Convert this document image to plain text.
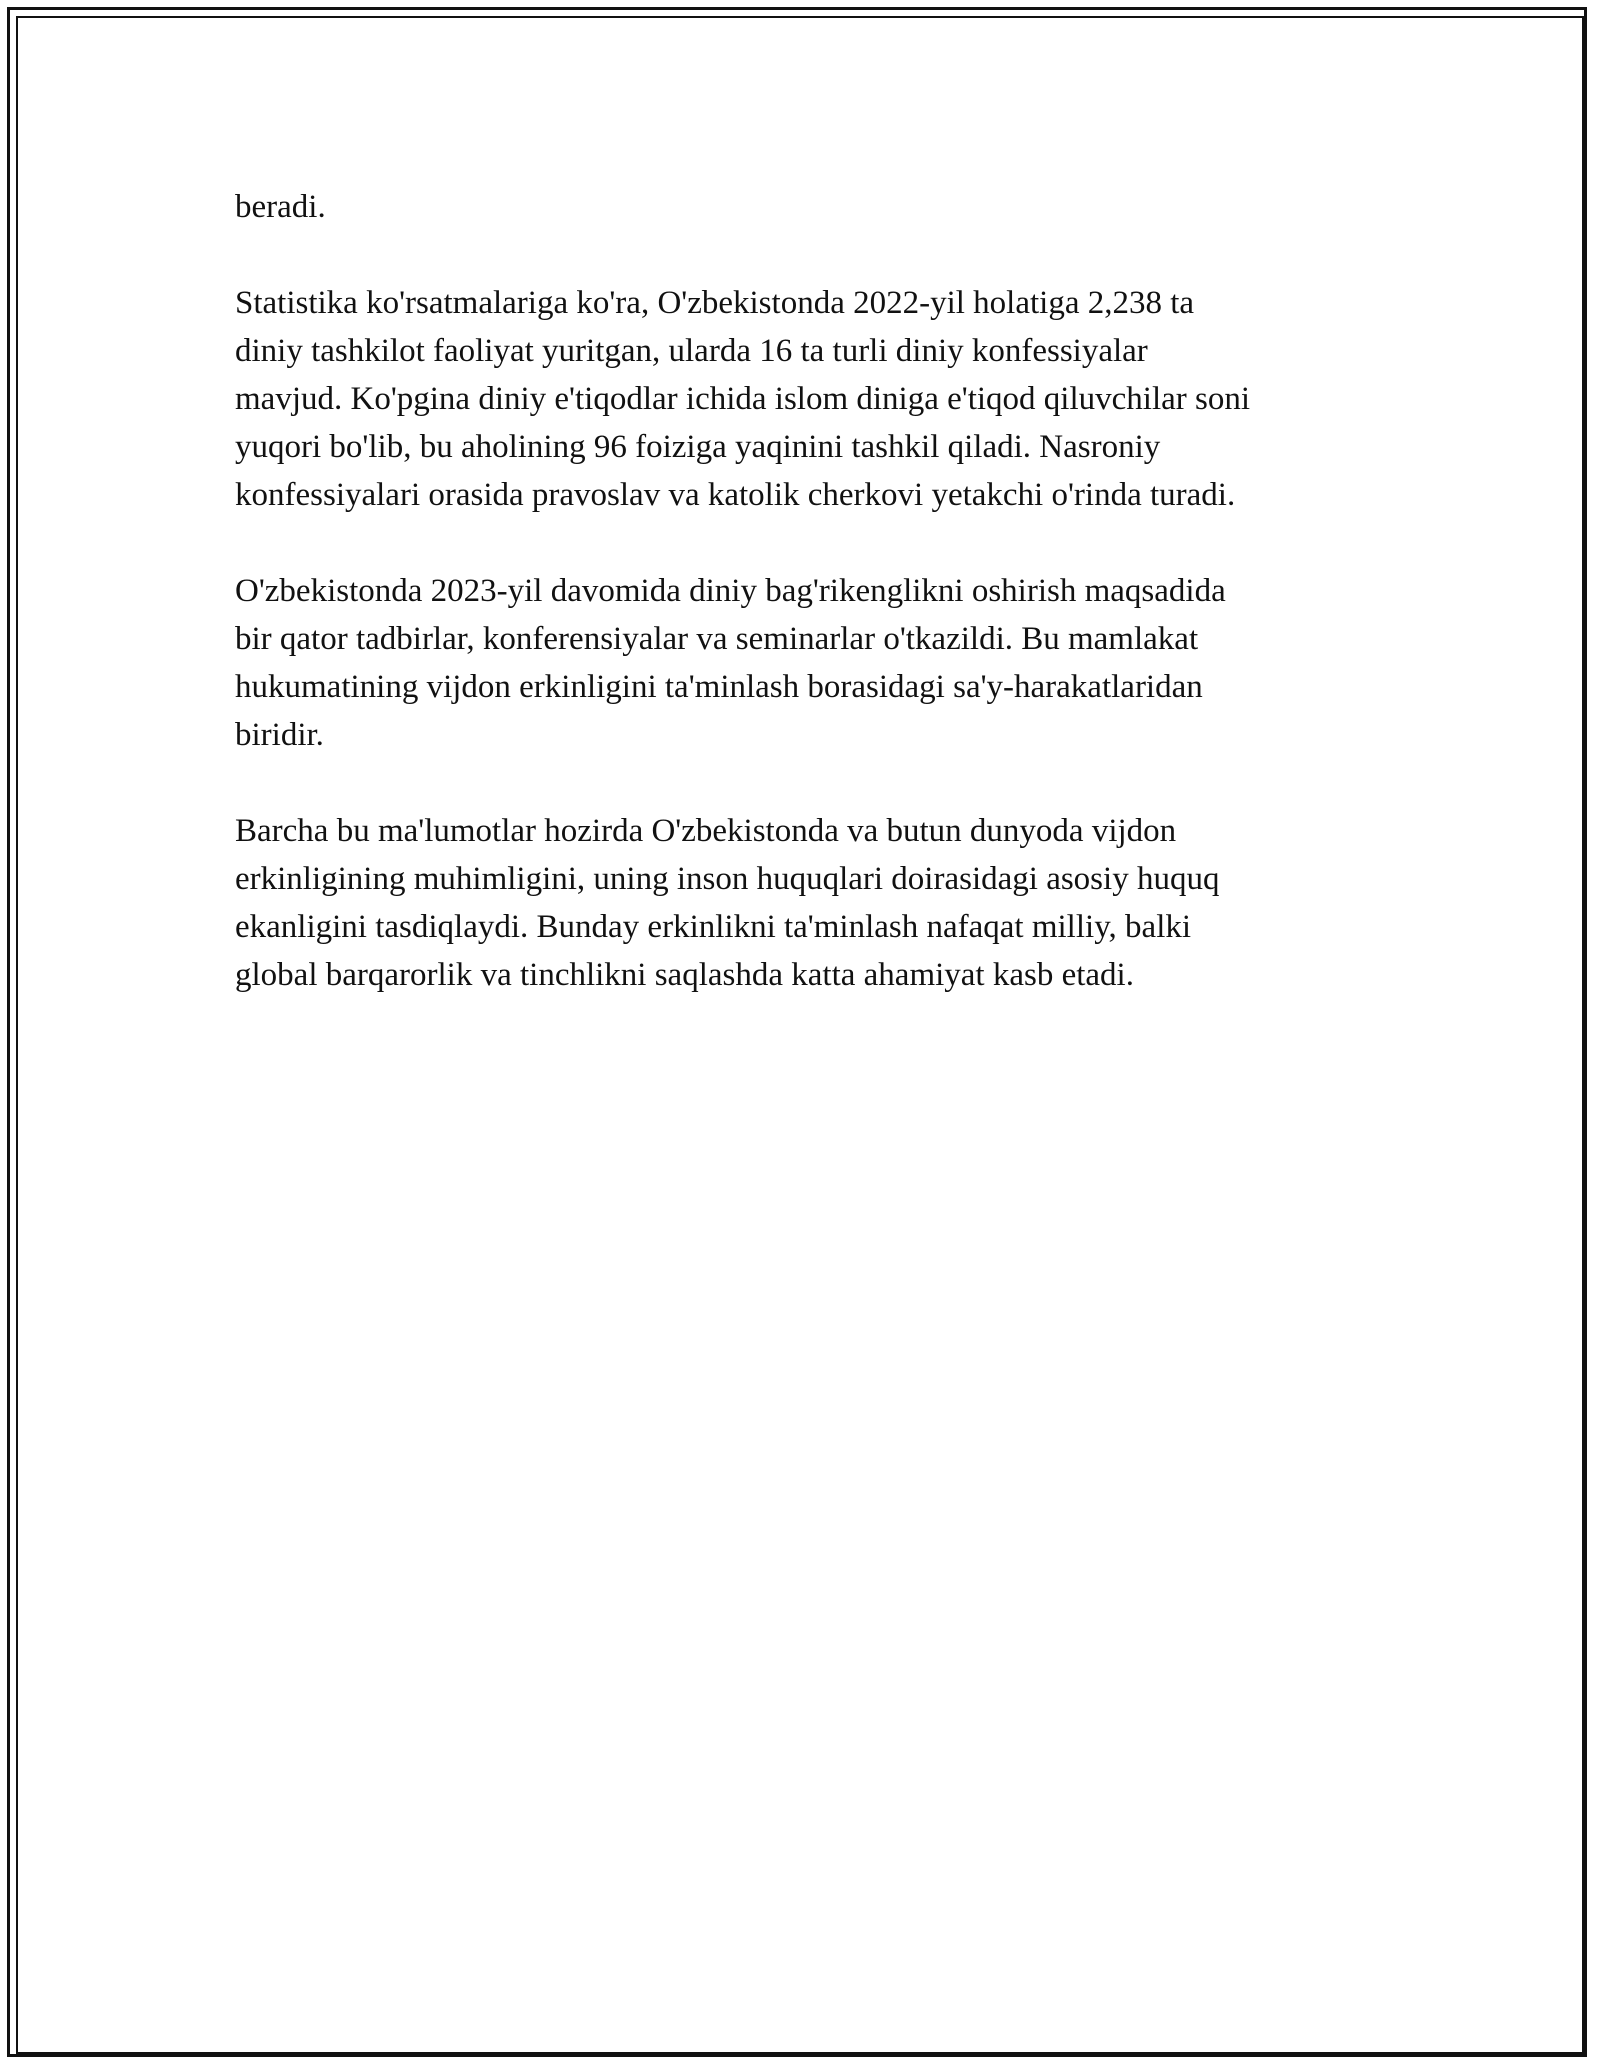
beradi.

Statistika ko'rsatmalariga ko'ra, O'zbekistonda 2022-yil holatiga 2,238 ta
diniy tashkilot faoliyat yuritgan, ularda 16 ta turli diniy konfessiyalar
mavjud. Ko'pgina diniy e'tiqodlar ichida islom diniga e'tiqod qiluvchilar soni
yuqori bo'lib, bu aholining 96 foiziga yaqinini tashkil qiladi. Nasroniy
konfessiyalari orasida pravoslav va katolik cherkovi yetakchi o'rinda turadi.

O'zbekistonda 2023-yil davomida diniy bag'rikenglikni oshirish maqsadida
bir qator tadbirlar, konferensiyalar va seminarlar o'tkazildi. Bu mamlakat
hukumatining vijdon erkinligini ta'minlash borasidagi sa'y-harakatlaridan
biridir.

Barcha bu ma'lumotlar hozirda O'zbekistonda va butun dunyoda vijdon
erkinligining muhimligini, uning inson huquqlari doirasidagi asosiy huquq
ekanligini tasdiqlaydi. Bunday erkinlikni ta'minlash nafaqat milliy, balki
global barqarorlik va tinchlikni saqlashda katta ahamiyat kasb etadi.
